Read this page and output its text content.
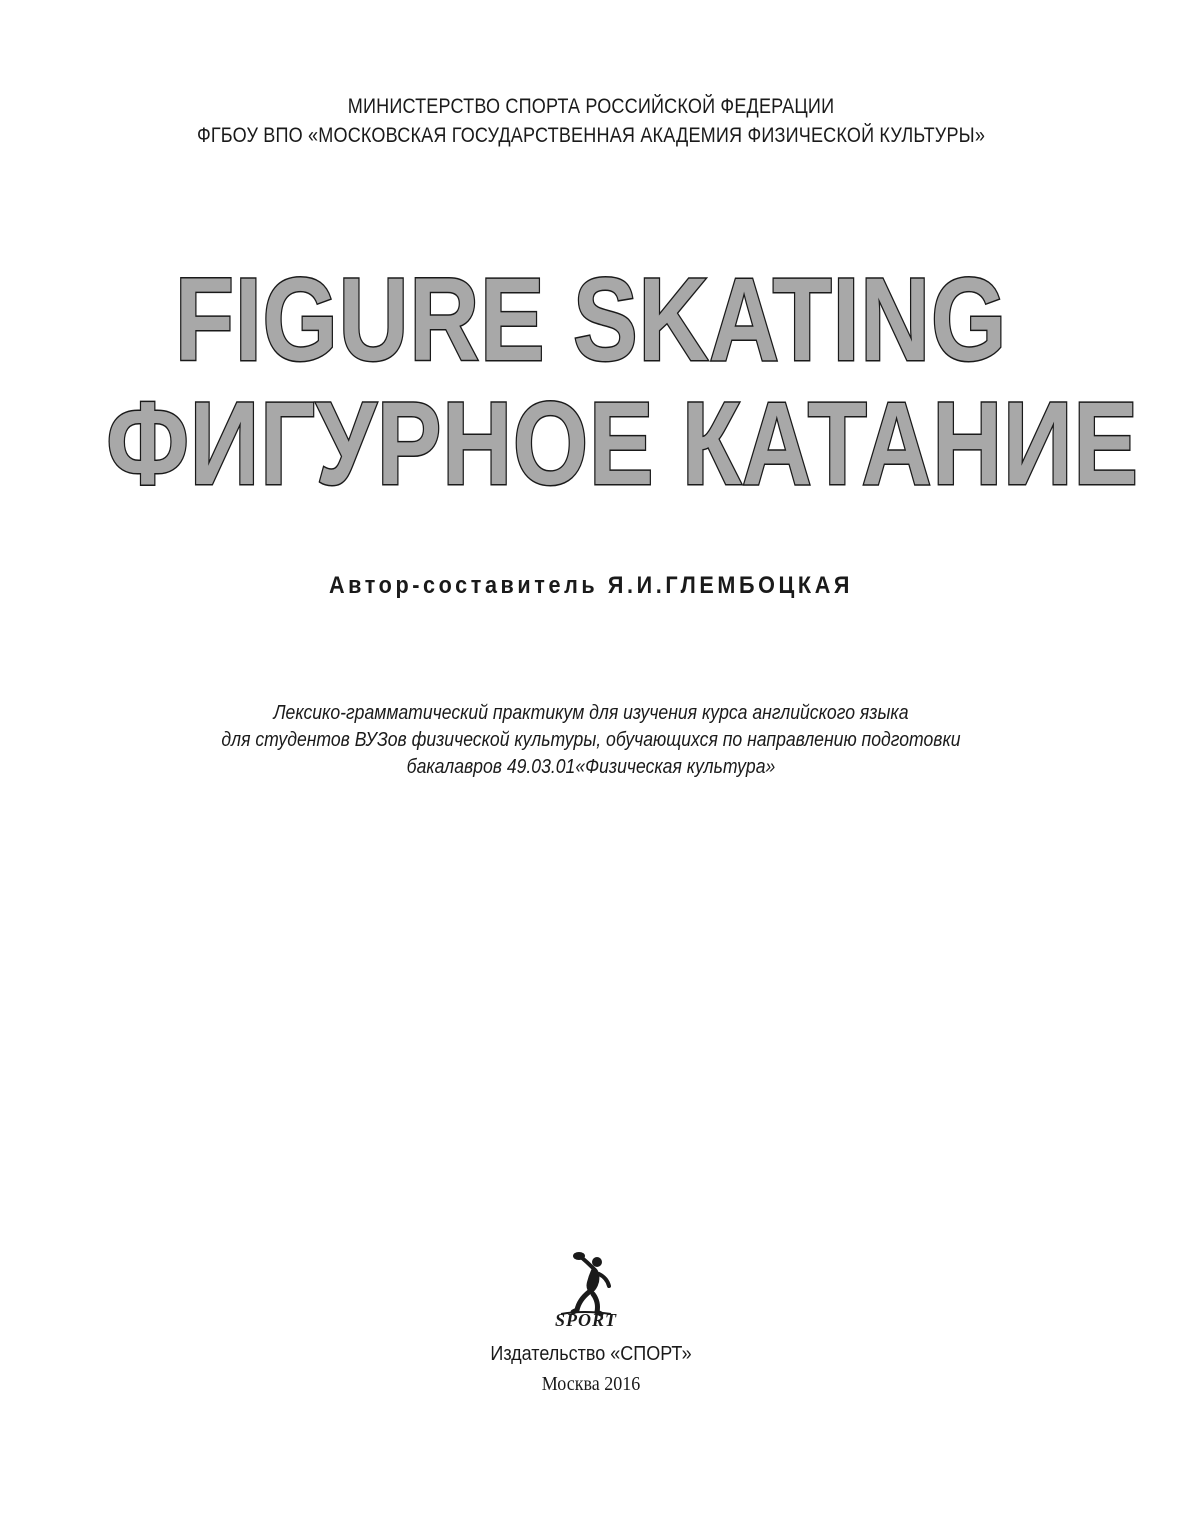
МИНИСТЕРСТВО СПОРТА РОССИЙСКОЙ ФЕДЕРАЦИИ
ФГБОУ ВПО «МОСКОВСКАЯ ГОСУДАРСТВЕННАЯ АКАДЕМИЯ ФИЗИЧЕСКОЙ КУЛЬТУРЫ»
FIGURE SKATING
ФИГУРНОЕ КАТАНИЕ
Автор-составитель Я.И.ГЛЕМБОЦКАЯ
Лексико-грамматический практикум для изучения курса английского языка
для студентов ВУЗов физической культуры, обучающихся по направлению подготовки
бакалавров 49.03.01«Физическая культура»
SPORT
Издательство «СПОРТ»
Москва 2016
